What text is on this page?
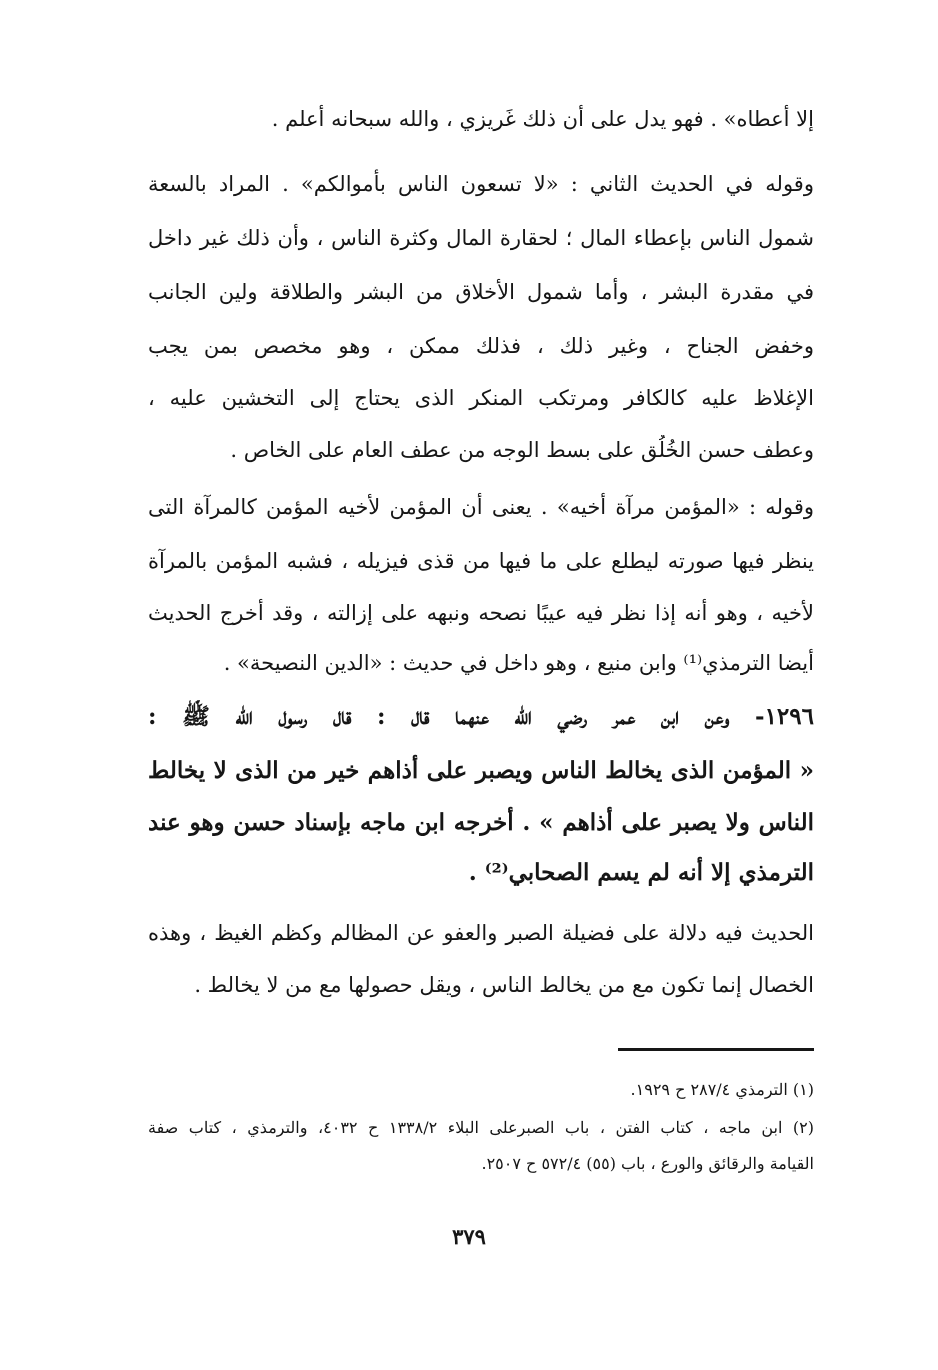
إلا أعطاه» . فهو يدل على أن ذلك غَريزي ، والله سبحانه أعلم .
وقوله في الحديث الثاني : «لا تسعون الناس بأموالكم» . المراد بالسعة
شمول الناس بإعطاء المال ؛ لحقارة المال وكثرة الناس ، وأن ذلك غير داخل
في مقدرة البشر ، وأما شمول الأخلاق من البشر والطلاقة ولين الجانب
وخفض الجناح ، وغير ذلك ، فذلك ممكن ، وهو مخصص بمن يجب
الإغلاظ عليه كالكافر ومرتكب المنكر الذى يحتاج إلى التخشين عليه ،
وعطف حسن الخُلُق على بسط الوجه من عطف العام على الخاص .
وقوله : «المؤمن مرآة أخيه» . يعنى أن المؤمن لأخيه المؤمن كالمرآة التى
ينظر فيها صورته ليطلع على ما فيها من قذى فيزيله ، فشبه المؤمن بالمرآة
لأخيه ، وهو أنه إذا نظر فيه عيبًا نصحه ونبهه على إزالته ، وقد أخرج الحديث
أيضا الترمذي⁽¹⁾ وابن منيع ، وهو داخل في حديث : «الدين النصيحة» .
١٢٩٦- وعن ابن عمر رضي الله عنهما قال : قال رسول الله ﷺ :
« المؤمن الذى يخالط الناس ويصبر على أذاهم خير من الذى لا يخالط
الناس ولا يصبر على أذاهم » . أخرجه ابن ماجه بإسناد حسن وهو عند
الترمذي إلا أنه لم يسم الصحابي⁽²⁾ .
الحديث فيه دلالة على فضيلة الصبر والعفو عن المظالم وكظم الغيظ ، وهذه
الخصال إنما تكون مع من يخالط الناس ، ويقل حصولها مع من لا يخالط .
(١) الترمذي ٢٨٧/٤ ح ١٩٢٩.
(٢) ابن ماجه ، كتاب الفتن ، باب الصبرعلى البلاء ١٣٣٨/٢ ح ٤٠٣٢، والترمذي ، كتاب صفة
القيامة والرقائق والورع ، باب (٥٥) ٥٧٢/٤ ح ٢٥٠٧.
٣٧٩
